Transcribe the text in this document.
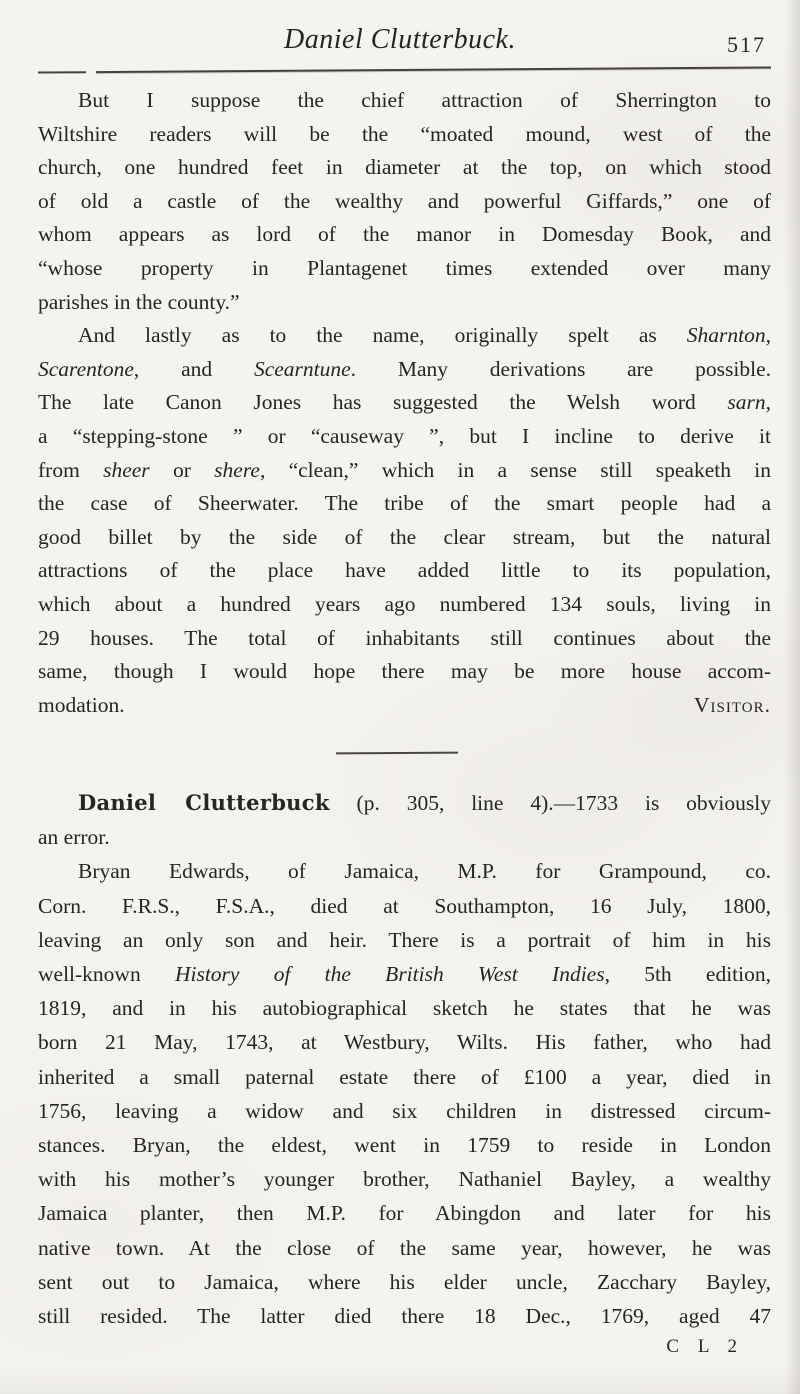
Daniel Clutterbuck.	517
But I suppose the chief attraction of Sherrington to
Wiltshire readers will be the “moated mound, west of the
church, one hundred feet in diameter at the top, on which stood
of old a castle of the wealthy and powerful Giffards,” one of
whom appears as lord of the manor in Domesday Book, and
“whose property in Plantagenet times extended over many
parishes in the county.”
And lastly as to the name, originally spelt as Sharnton,
Scarentone, and Scearntune. Many derivations are possible.
The late Canon Jones has suggested the Welsh word sarn,
a “stepping-stone ” or “causeway ”, but I incline to derive it
from sheer or shere, “clean,” which in a sense still speaketh in
the case of Sheerwater. The tribe of the smart people had a
good billet by the side of the clear stream, but the natural
attractions of the place have added little to its population,
which about a hundred years ago numbered 134 souls, living in
29 houses. The total of inhabitants still continues about the
same, though I would hope there may be more house accom-
modation.	Visitor.
Daniel Clutterbuck (p. 305, line 4).—1733 is obviously
an error.
Bryan Edwards, of Jamaica, M.P. for Grampound, co.
Corn. F.R.S., F.S.A., died at Southampton, 16 July, 1800,
leaving an only son and heir. There is a portrait of him in his
well-known History of the British West Indies, 5th edition,
1819, and in his autobiographical sketch he states that he was
born 21 May, 1743, at Westbury, Wilts. His father, who had
inherited a small paternal estate there of £100 a year, died in
1756, leaving a widow and six children in distressed circum-
stances. Bryan, the eldest, went in 1759 to reside in London
with his mother’s younger brother, Nathaniel Bayley, a wealthy
Jamaica planter, then M.P. for Abingdon and later for his
native town. At the close of the same year, however, he was
sent out to Jamaica, where his elder uncle, Zacchary Bayley,
still resided. The latter died there 18 Dec., 1769, aged 47
C L 2
